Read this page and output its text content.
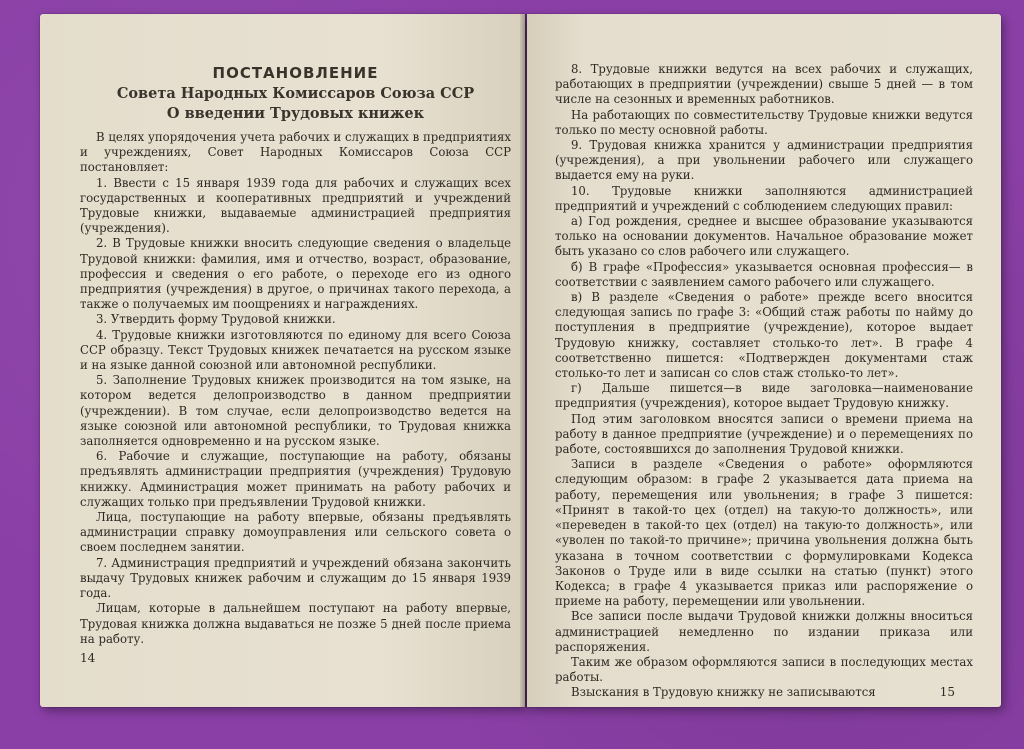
ПОСТАНОВЛЕНИЕ
Совета Народных Комиссаров Союза ССР
О введении Трудовых книжек

В целях упорядочения учета рабочих и служащих в предприятиях и учреждениях, Совет Народных Комиссаров Союза ССР постановляет:

1. Ввести с 15 января 1939 года для рабочих и служащих всех государственных и кооперативных предприятий и учреждений Трудовые книжки, выдаваемые администрацией предприятия (учреждения).

2. В Трудовые книжки вносить следующие сведения о владельце Трудовой книжки: фамилия, имя и отчество, возраст, образование, профессия и сведения о его работе, о переходе его из одного предприятия (учреждения) в другое, о причинах такого перехода, а также о получаемых им поощрениях и награждениях.

3. Утвердить форму Трудовой книжки.

4. Трудовые книжки изготовляются по единому для всего Союза ССР образцу. Текст Трудовых книжек печатается на русском языке и на языке данной союзной или автономной республики.

5. Заполнение Трудовых книжек производится на том языке, на котором ведется делопроизводство в данном предприятии (учреждении). В том случае, если делопроизводство ведется на языке союзной или автономной республики, то Трудовая книжка заполняется одновременно и на русском языке.

6. Рабочие и служащие, поступающие на работу, обязаны предъявлять администрации предприятия (учреждения) Трудовую книжку. Администрация может принимать на работу рабочих и служащих только при предъявлении Трудовой книжки.

Лица, поступающие на работу впервые, обязаны предъявлять администрации справку домоуправления или сельского совета о своем последнем занятии.

7. Администрация предприятий и учреждений обязана закончить выдачу Трудовых книжек рабочим и служащим до 15 января 1939 года.

Лицам, которые в дальнейшем поступают на работу впервые, Трудовая книжка должна выдаваться не позже 5 дней после приема на работу.

14

8. Трудовые книжки ведутся на всех рабочих и служащих, работающих в предприятии (учреждении) свыше 5 дней — в том числе на сезонных и временных работников.

На работающих по совместительству Трудовые книжки ведутся только по месту основной работы.

9. Трудовая книжка хранится у администрации предприятия (учреждения), а при увольнении рабочего или служащего выдается ему на руки.

10. Трудовые книжки заполняются администрацией предприятий и учреждений с соблюдением следующих правил:

а) Год рождения, среднее и высшее образование указываются только на основании документов. Начальное образование может быть указано со слов рабочего или служащего.

б) В графе «Профессия» указывается основная профессия— в соответствии с заявлением самого рабочего или служащего.

в) В разделе «Сведения о работе» прежде всего вносится следующая запись по графе 3: «Общий стаж работы по найму до поступления в предприятие (учреждение), которое выдает Трудовую книжку, составляет столько-то лет». В графе 4 соответственно пишется: «Подтвержден документами стаж столько-то лет и записан со слов стаж столько-то лет».

г) Дальше пишется—в виде заголовка—наименование предприятия (учреждения), которое выдает Трудовую книжку.

Под этим заголовком вносятся записи о времени приема на работу в данное предприятие (учреждение) и о перемещениях по работе, состоявшихся до заполнения Трудовой книжки.

Записи в разделе «Сведения о работе» оформляются следующим образом: в графе 2 указывается дата приема на работу, перемещения или увольнения; в графе 3 пишется: «Принят в такой-то цех (отдел) на такую-то должность», или «переведен в такой-то цех (отдел) на такую-то должность», или «уволен по такой-то причине»; причина увольнения должна быть указана в точном соответствии с формулировками Кодекса Законов о Труде или в виде ссылки на статью (пункт) этого Кодекса; в графе 4 указывается приказ или распоряжение о приеме на работу, перемещении или увольнении.

Все записи после выдачи Трудовой книжки должны вноситься администрацией немедленно по издании приказа или распоряжения.

Таким же образом оформляются записи в последующих местах работы.

Взыскания в Трудовую книжку не записываются	15
